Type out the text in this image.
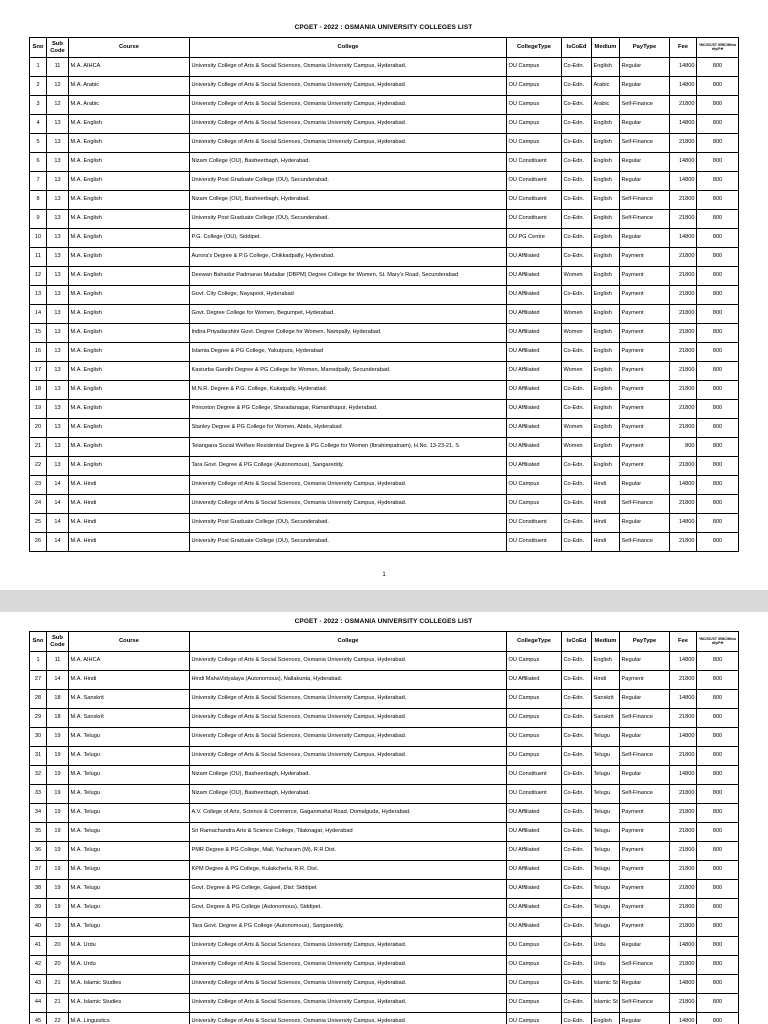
CPGET - 2022 : OSMANIA UNIVERSITY COLLEGES LIST
Sno	Sub Code	Course	College	CollegeType	IsCoEd	Medium	PayType	Fee	*BC/SC/ST /EBC/Mino rity/PH
1	11	M.A. AIHCA	University College of Arts & Social Sciences, Osmania University Campus, Hyderabad.	OU Campus	Co-Edn.	English	Regular	14800	800
2	12	M.A. Arabic	University College of Arts & Social Sciences, Osmania University Campus, Hyderabad.	OU Campus	Co-Edn.	Arabic	Regular	14800	800
3	12	M.A. Arabic	University College of Arts & Social Sciences, Osmania University Campus, Hyderabad.	OU Campus	Co-Edn.	Arabic	Self-Finance	21800	800
4	13	M.A. English	University College of Arts & Social Sciences, Osmania University Campus, Hyderabad.	OU Campus	Co-Edn.	English	Regular	14800	800
5	13	M.A. English	University College of Arts & Social Sciences, Osmania University Campus, Hyderabad.	OU Campus	Co-Edn.	English	Self-Finance	21800	800
6	13	M.A. English	Nizam College (OU), Basheerbagh, Hyderabad.	OU Constituent	Co-Edn.	English	Regular	14800	800
7	13	M.A. English	University Post Graduate College (OU), Secunderabad.	OU Constituent	Co-Edn.	English	Regular	14800	800
8	13	M.A. English	Nizam College (OU), Basheerbagh, Hyderabad.	OU Constituent	Co-Edn.	English	Self-Finance	21800	800
9	13	M.A. English	University Post Graduate College (OU), Secunderabad.	OU Constituent	Co-Edn.	English	Self-Finance	21800	800
10	13	M.A. English	P.G. College (OU), Siddipet.	OU PG Centre	Co-Edn.	English	Regular	14800	800
11	13	M.A. English	Aurora's Degree & P.G College, Chikkadpally, Hyderabad.	OU Affiliated	Co-Edn.	English	Payment	21800	800
12	13	M.A. English	Deewan Bahadur Padmarao Mudaliar (DBPM) Degree College for Women, St. Mary's Road, Secunderabad	OU Affiliated	Women	English	Payment	21800	800
13	13	M.A. English	Govt. City College, Nayapool, Hyderabad	OU Affiliated	Co-Edn.	English	Payment	21800	800
14	13	M.A. English	Govt. Degree College for Women, Begumpet, Hyderabad.	OU Affiliated	Women	English	Payment	21800	800
15	13	M.A. English	Indira Priyadarshini Govt. Degree College for Women, Nampally, Hyderabad.	OU Affiliated	Women	English	Payment	21800	800
16	13	M.A. English	Islamia Degree & PG College, Yakutpura, Hyderabad	OU Affiliated	Co-Edn.	English	Payment	21800	800
17	13	M.A. English	Kasturba Gandhi Degree & PG College for Women, Marredpally, Secunderabad.	OU Affiliated	Women	English	Payment	21800	800
18	13	M.A. English	M.N.R. Degree & P.G. College, Kukatpally, Hyderabad.	OU Affiliated	Co-Edn.	English	Payment	21800	800
19	13	M.A. English	Princeton Degree & PG College, Sharadanagar, Ramanthapur, Hyderabad.	OU Affiliated	Co-Edn.	English	Payment	21800	800
20	13	M.A. English	Stanley Degree & PG College for Women, Abids, Hyderabad	OU Affiliated	Women	English	Payment	21800	800
21	13	M.A. English	Telangana Social Welfare Residential Degree & PG College for Women (Ibrahimpatnam), H.No. 13-23-21, S	OU Affiliated	Women	English	Payment	800	800
22	13	M.A. English	Tara Govt. Degree & PG College (Autonomous), Sangareddy.	OU Affiliated	Co-Edn.	English	Payment	21800	800
23	14	M.A. Hindi	University College of Arts & Social Sciences, Osmania University Campus, Hyderabad.	OU Campus	Co-Edn.	Hindi	Regular	14800	800
24	14	M.A. Hindi	University College of Arts & Social Sciences, Osmania University Campus, Hyderabad.	OU Campus	Co-Edn.	Hindi	Self-Finance	21800	800
25	14	M.A. Hindi	University Post Graduate College (OU), Secunderabad.	OU Constituent	Co-Edn.	Hindi	Regular	14800	800
26	14	M.A. Hindi	University Post Graduate College (OU), Secunderabad.	OU Constituent	Co-Edn.	Hindi	Self-Finance	21800	800
1
CPGET - 2022 : OSMANIA UNIVERSITY COLLEGES LIST
Sno	Sub Code	Course	College	CollegeType	IsCoEd	Medium	PayType	Fee	*BC/SC/ST /EBC/Mino rity/PH
1	11	M.A. AIHCA	University College of Arts & Social Sciences, Osmania University Campus, Hyderabad.	OU Campus	Co-Edn.	English	Regular	14800	800
27	14	M.A. Hindi	Hindi MahaVidyalaya (Autonomous), Nallakunta, Hyderabad.	OU Affiliated	Co-Edn.	Hindi	Payment	21800	800
28	18	M.A. Sanskrit	University College of Arts & Social Sciences, Osmania University Campus, Hyderabad.	OU Campus	Co-Edn.	Sanskrit	Regular	14800	800
29	18	M.A. Sanskrit	University College of Arts & Social Sciences, Osmania University Campus, Hyderabad.	OU Campus	Co-Edn.	Sanskrit	Self-Finance	21800	800
30	19	M.A. Telugu	University College of Arts & Social Sciences, Osmania University Campus, Hyderabad.	OU Campus	Co-Edn.	Telugu	Regular	14800	800
31	19	M.A. Telugu	University College of Arts & Social Sciences, Osmania University Campus, Hyderabad.	OU Campus	Co-Edn.	Telugu	Self-Finance	21800	800
32	19	M.A. Telugu	Nizam College (OU), Basheerbagh, Hyderabad.	OU Constituent	Co-Edn.	Telugu	Regular	14800	800
33	19	M.A. Telugu	Nizam College (OU), Basheerbagh, Hyderabad.	OU Constituent	Co-Edn.	Telugu	Self-Finance	21800	800
34	19	M.A. Telugu	A.V. College of Arts, Science & Commerce, Gaganmahal Road, Domalguda, Hyderabad.	OU Affiliated	Co-Edn.	Telugu	Payment	21800	800
35	19	M.A. Telugu	Sri Ramachandra Arts & Science College, Tilaknagar, Hyderabad	OU Affiliated	Co-Edn.	Telugu	Payment	21800	800
36	19	M.A. Telugu	PMR Degree & PG College, Mall, Yacharam (M), R.R Dist.	OU Affiliated	Co-Edn.	Telugu	Payment	21800	800
37	19	M.A. Telugu	KPM Degree & PG College, Kulakcherla, R.R. Dist.	OU Affiliated	Co-Edn.	Telugu	Payment	21800	800
38	19	M.A. Telugu	Govt. Degree & PG College, Gajwel, Dist: Siddipet	OU Affiliated	Co-Edn.	Telugu	Payment	21800	800
39	19	M.A. Telugu	Govt. Degree & PG College (Autonomous), Siddipet.	OU Affiliated	Co-Edn.	Telugu	Payment	21800	800
40	19	M.A. Telugu	Tara Govt. Degree & PG College (Autonomous), Sangareddy.	OU Affiliated	Co-Edn.	Telugu	Payment	21800	800
41	20	M.A. Urdu	University College of Arts & Social Sciences, Osmania University Campus, Hyderabad.	OU Campus	Co-Edn.	Urdu	Regular	14800	800
42	20	M.A. Urdu	University College of Arts & Social Sciences, Osmania University Campus, Hyderabad.	OU Campus	Co-Edn.	Urdu	Self-Finance	21800	800
43	21	M.A. Islamic Studies	University College of Arts & Social Sciences, Osmania University Campus, Hyderabad.	OU Campus	Co-Edn.	Islamic St	Regular	14800	800
44	21	M.A. Islamic Studies	University College of Arts & Social Sciences, Osmania University Campus, Hyderabad.	OU Campus	Co-Edn.	Islamic St	Self-Finance	21800	800
45	22	M.A. Linguistics	University College of Arts & Social Sciences, Osmania University Campus, Hyderabad.	OU Campus	Co-Edn.	English	Regular	14800	800
